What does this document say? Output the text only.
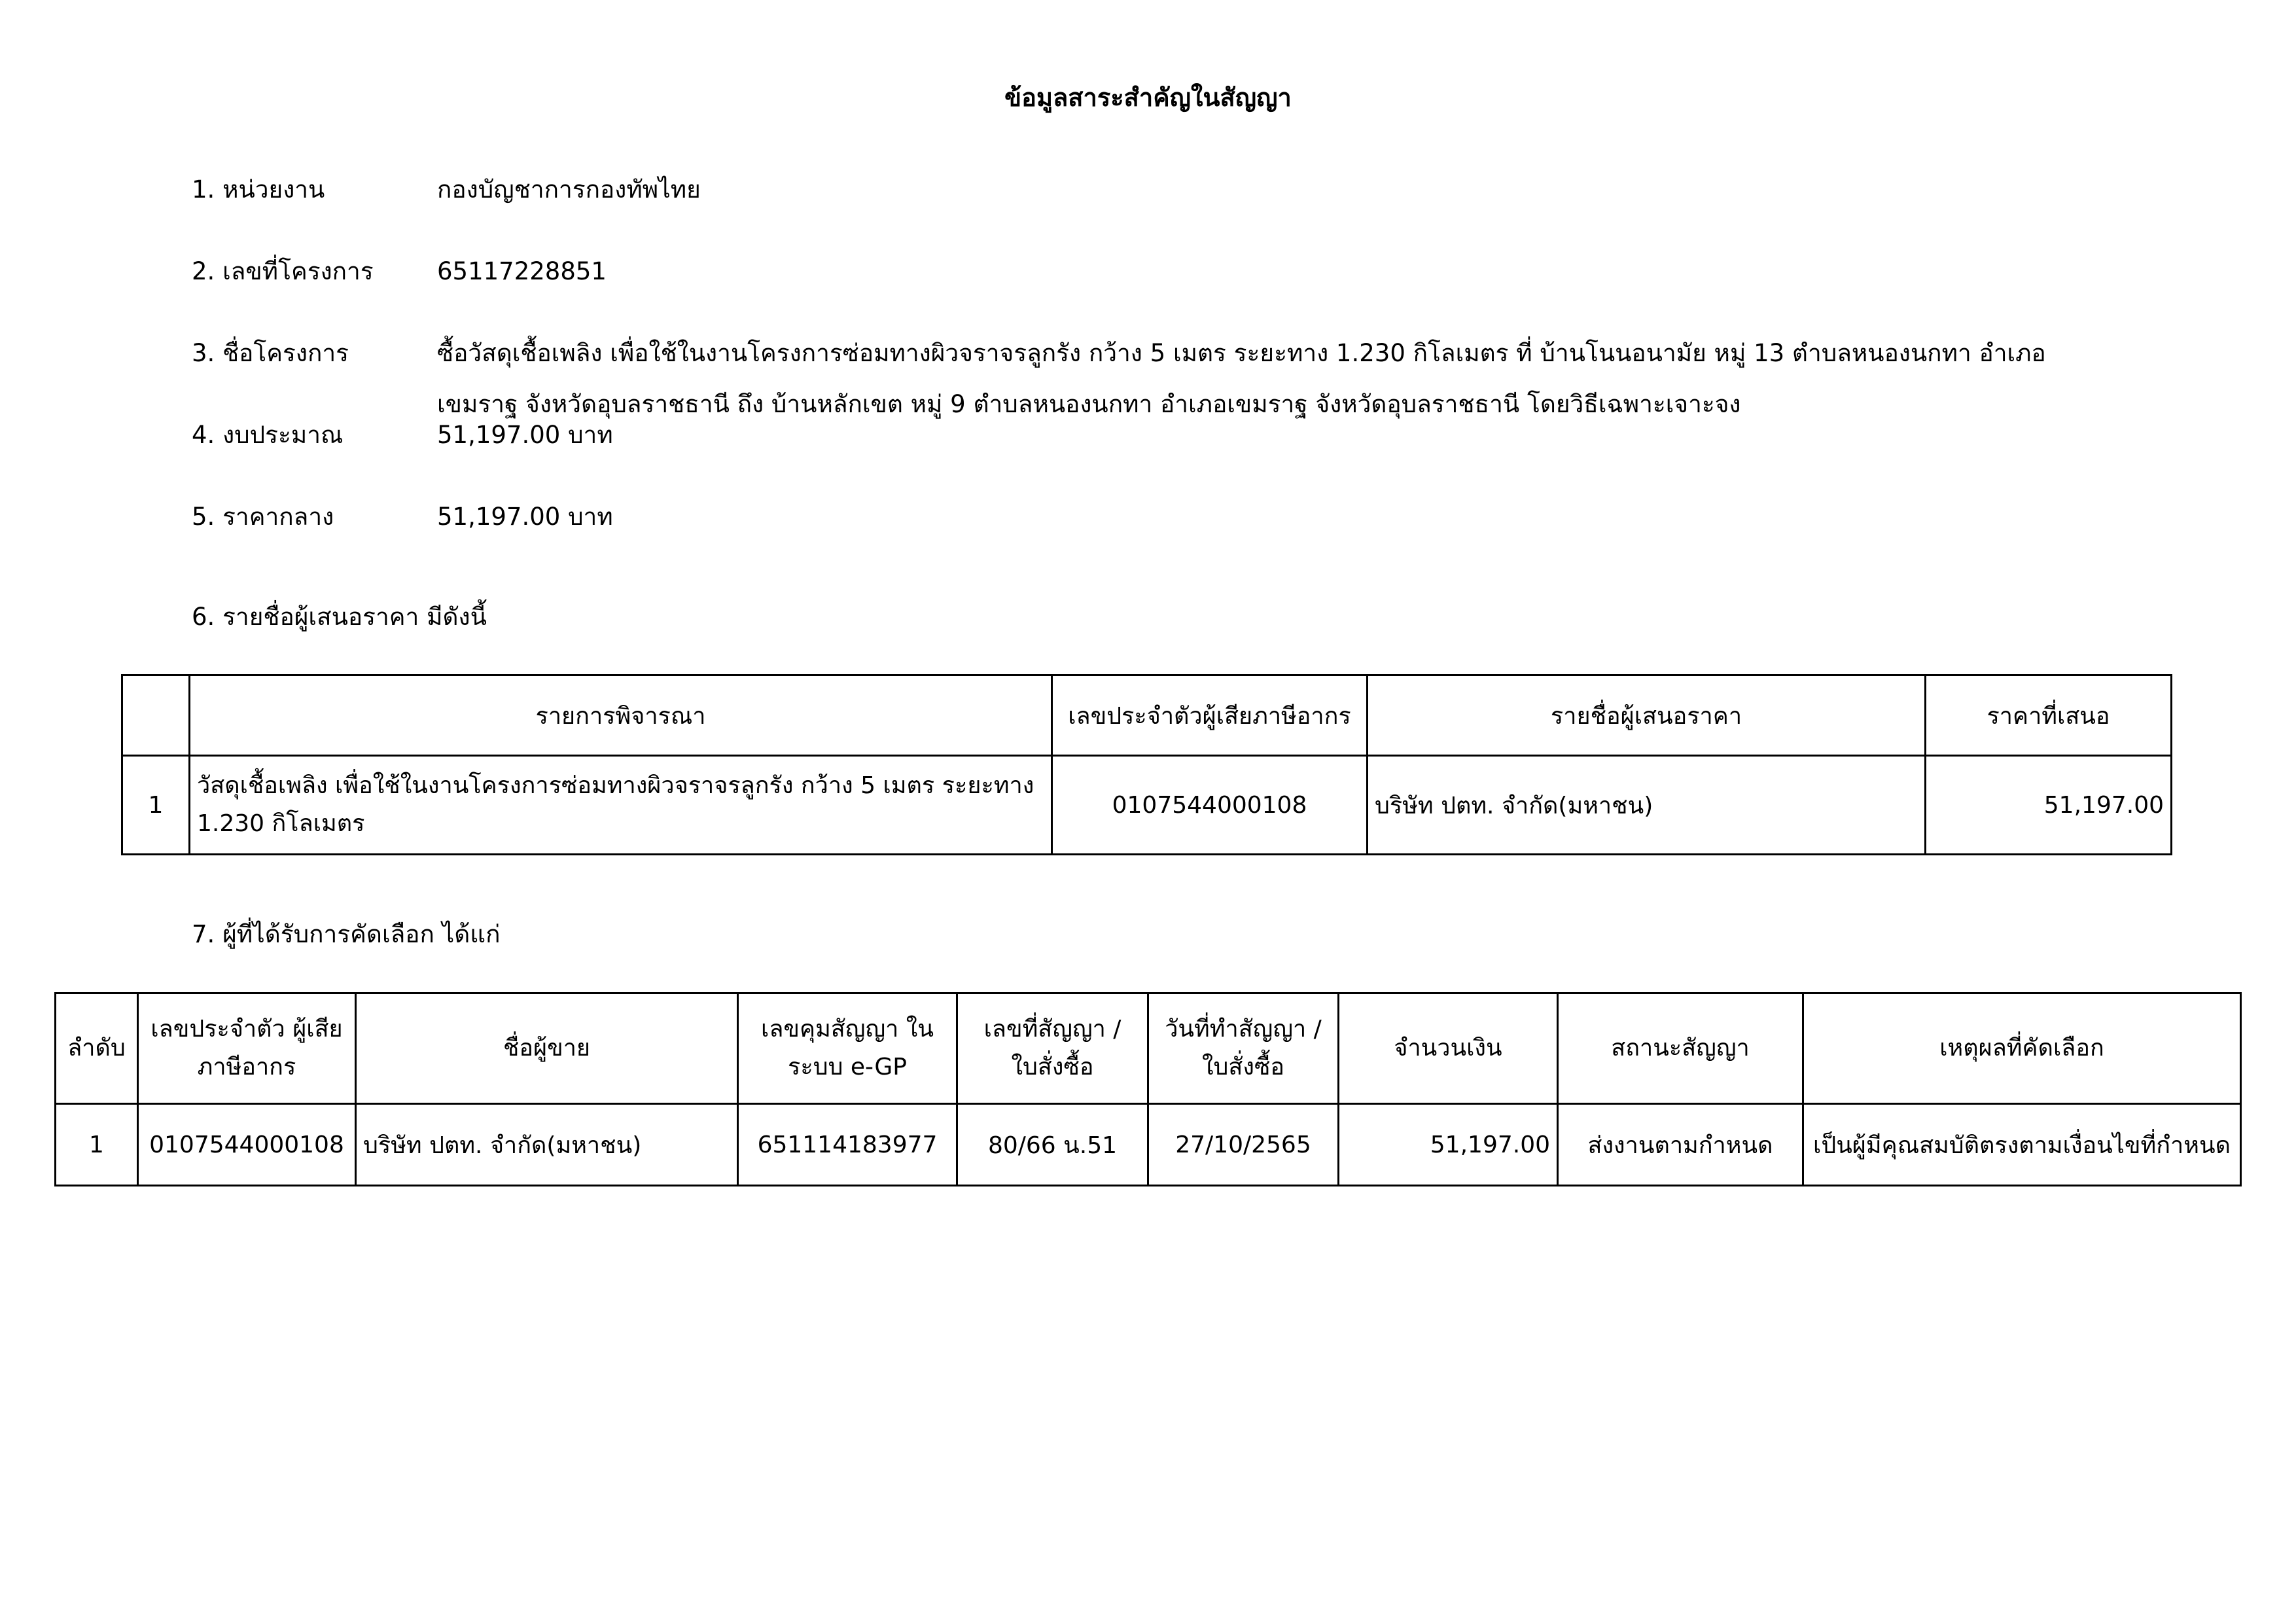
ข้อมูลสาระสำคัญในสัญญา
1. หน่วยงาน	กองบัญชาการกองทัพไทย
2. เลขที่โครงการ	65117228851
3. ชื่อโครงการ	ซื้อวัสดุเชื้อเพลิง เพื่อใช้ในงานโครงการซ่อมทางผิวจราจรลูกรัง กว้าง 5 เมตร ระยะทาง 1.230 กิโลเมตร ที่ บ้านโนนอนามัย หมู่ 13 ตำบลหนองนกทา อำเภอเขมราฐ จังหวัดอุบลราชธานี ถึง บ้านหลักเขต หมู่ 9 ตำบลหนองนกทา อำเภอเขมราฐ จังหวัดอุบลราชธานี โดยวิธีเฉพาะเจาะจง
4. งบประมาณ	51,197.00 บาท
5. ราคากลาง	51,197.00 บาท
6. รายชื่อผู้เสนอราคา มีดังนี้
	รายการพิจารณา	เลขประจำตัวผู้เสียภาษีอากร	รายชื่อผู้เสนอราคา	ราคาที่เสนอ
1	วัสดุเชื้อเพลิง เพื่อใช้ในงานโครงการซ่อมทางผิวจราจรลูกรัง กว้าง 5 เมตร ระยะทาง 1.230 กิโลเมตร	0107544000108	บริษัท ปตท. จำกัด(มหาชน)	51,197.00
7. ผู้ที่ได้รับการคัดเลือก ได้แก่
ลำดับ	เลขประจำตัว ผู้เสียภาษีอากร	ชื่อผู้ขาย	เลขคุมสัญญา ในระบบ e-GP	เลขที่สัญญา / ใบสั่งซื้อ	วันที่ทำสัญญา / ใบสั่งซื้อ	จำนวนเงิน	สถานะสัญญา	เหตุผลที่คัดเลือก
1	0107544000108	บริษัท ปตท. จำกัด(มหาชน)	651114183977	80/66 น.51	27/10/2565	51,197.00	ส่งงานตามกำหนด	เป็นผู้มีคุณสมบัติตรงตามเงื่อนไขที่กำหนด
